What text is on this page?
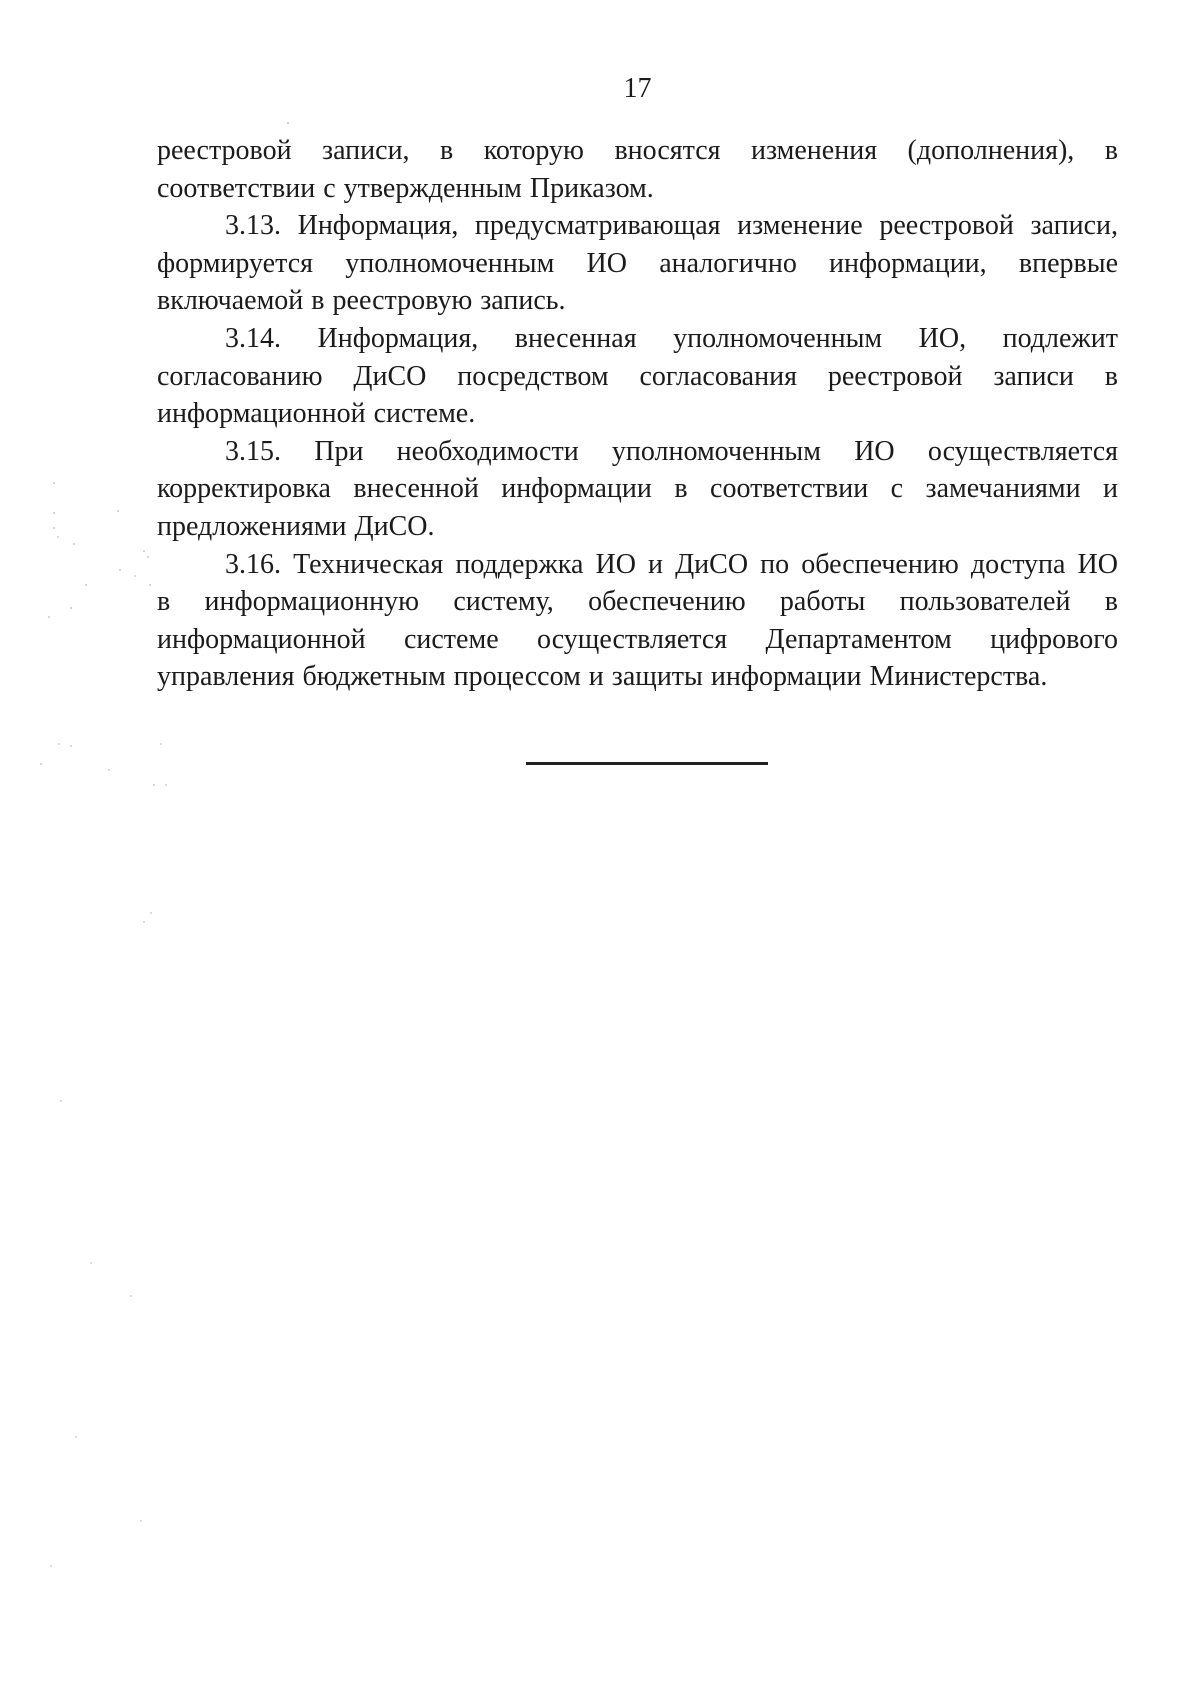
17
реестровой записи, в которую вносятся изменения (дополнения), в
соответствии с утвержденным Приказом.
3.13. Информация, предусматривающая изменение реестровой записи,
формируется уполномоченным ИО аналогично информации, впервые
включаемой в реестровую запись.
3.14. Информация, внесенная уполномоченным ИО, подлежит
согласованию ДиСО посредством согласования реестровой записи в
информационной системе.
3.15. При необходимости уполномоченным ИО осуществляется
корректировка внесенной информации в соответствии с замечаниями и
предложениями ДиСО.
3.16. Техническая поддержка ИО и ДиСО по обеспечению доступа ИО
в информационную систему, обеспечению работы пользователей в
информационной системе осуществляется Департаментом цифрового
управления бюджетным процессом и защиты информации Министерства.
